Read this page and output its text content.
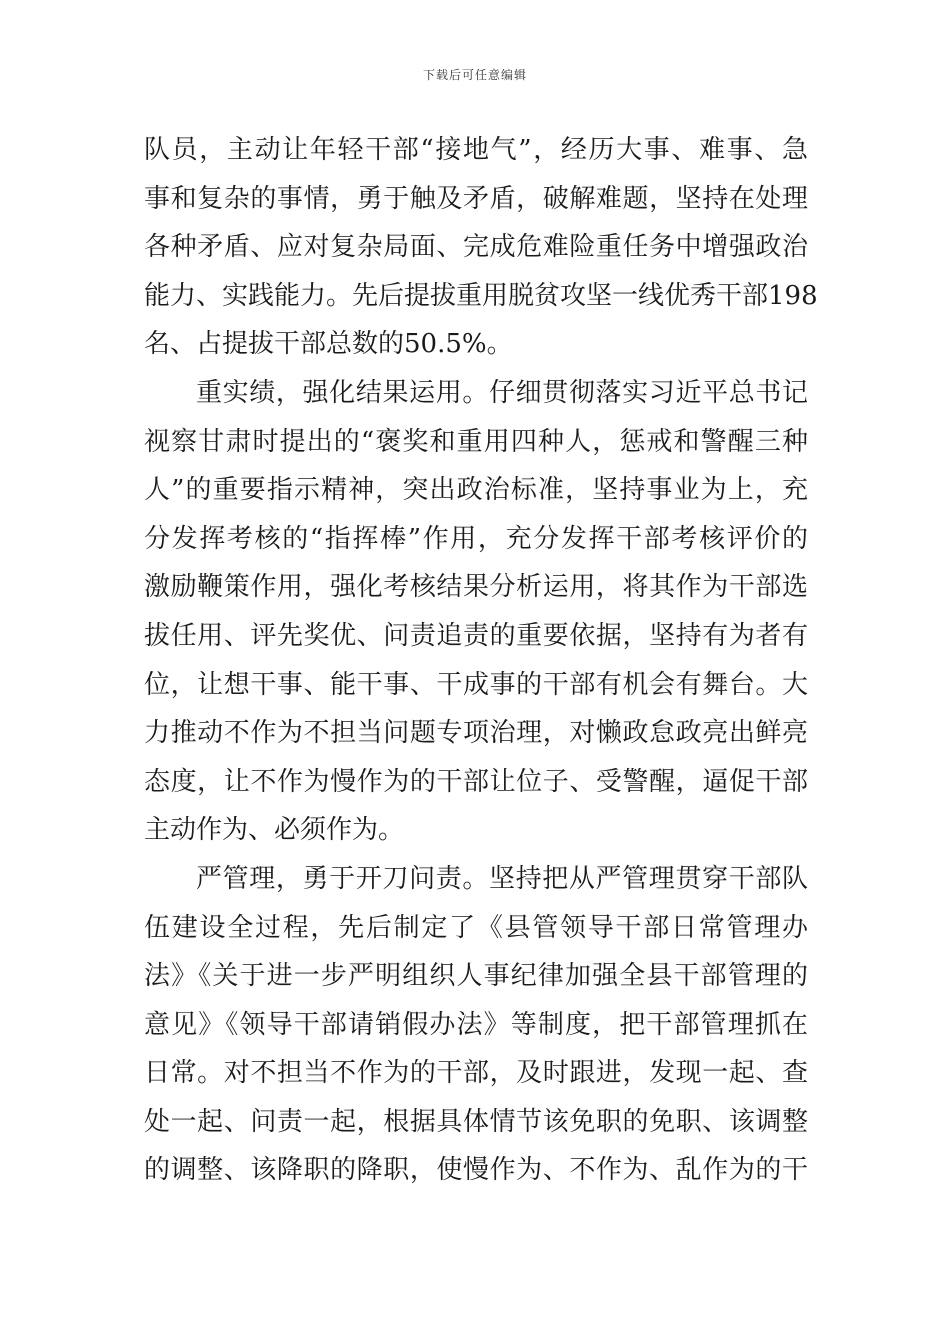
下载后可任意编辑
队员，主动让年轻干部“接地气”，经历大事、难事、急
事和复杂的事情，勇于触及矛盾，破解难题，坚持在处理
各种矛盾、应对复杂局面、完成危难险重任务中增强政治
能力、实践能力。先后提拔重用脱贫攻坚一线优秀干部198
名、占提拔干部总数的50.5%。
重实绩，强化结果运用。仔细贯彻落实习近平总书记
视察甘肃时提出的“褒奖和重用四种人，惩戒和警醒三种
人”的重要指示精神，突出政治标准，坚持事业为上，充
分发挥考核的“指挥棒”作用，充分发挥干部考核评价的
激励鞭策作用，强化考核结果分析运用，将其作为干部选
拔任用、评先奖优、问责追责的重要依据，坚持有为者有
位，让想干事、能干事、干成事的干部有机会有舞台。大
力推动不作为不担当问题专项治理，对懒政怠政亮出鲜亮
态度，让不作为慢作为的干部让位子、受警醒，逼促干部
主动作为、必须作为。
严管理，勇于开刀问责。坚持把从严管理贯穿干部队
伍建设全过程，先后制定了《县管领导干部日常管理办
法》《关于进一步严明组织人事纪律加强全县干部管理的
意见》《领导干部请销假办法》等制度，把干部管理抓在
日常。对不担当不作为的干部，及时跟进，发现一起、查
处一起、问责一起，根据具体情节该免职的免职、该调整
的调整、该降职的降职，使慢作为、不作为、乱作为的干
